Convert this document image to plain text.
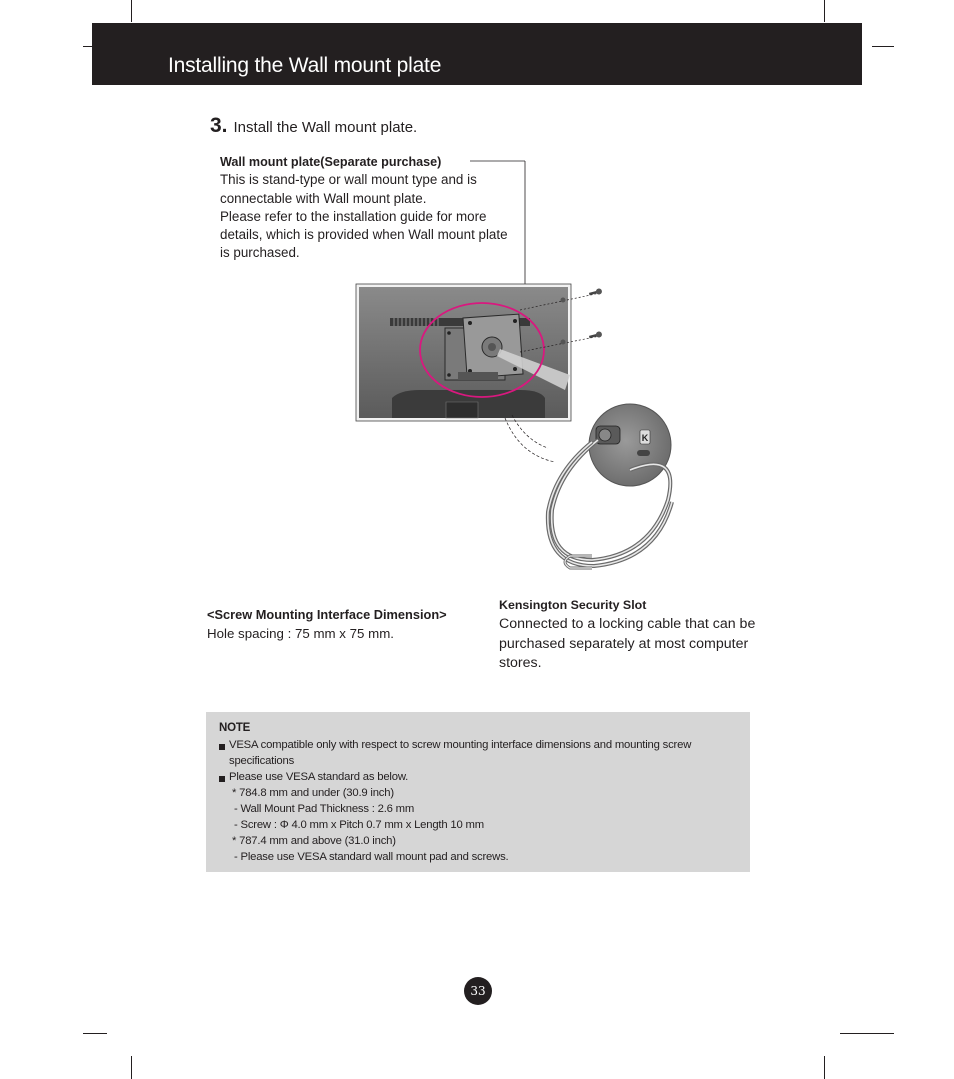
Installing the Wall mount plate
3. Install the Wall mount plate.
Wall mount plate(Separate purchase)

This is stand-type or wall mount type and is connectable with Wall mount plate.

Please refer to the installation guide for more details, which is provided when Wall mount plate is purchased.

K
<Screw Mounting Interface Dimension>
Hole spacing : 75 mm x 75 mm.
Kensington Security Slot
Connected to a locking cable that can be purchased separately at most computer stores.
NOTE
VESA compatible only with respect to screw mounting interface dimensions and mounting screw specifications
Please use VESA standard as below.
* 784.8 mm and under (30.9 inch)
- Wall Mount Pad Thickness : 2.6 mm
- Screw : Φ 4.0 mm x Pitch 0.7 mm x Length 10 mm
* 787.4 mm and above (31.0 inch)
- Please use VESA standard wall mount pad and screws.
33
